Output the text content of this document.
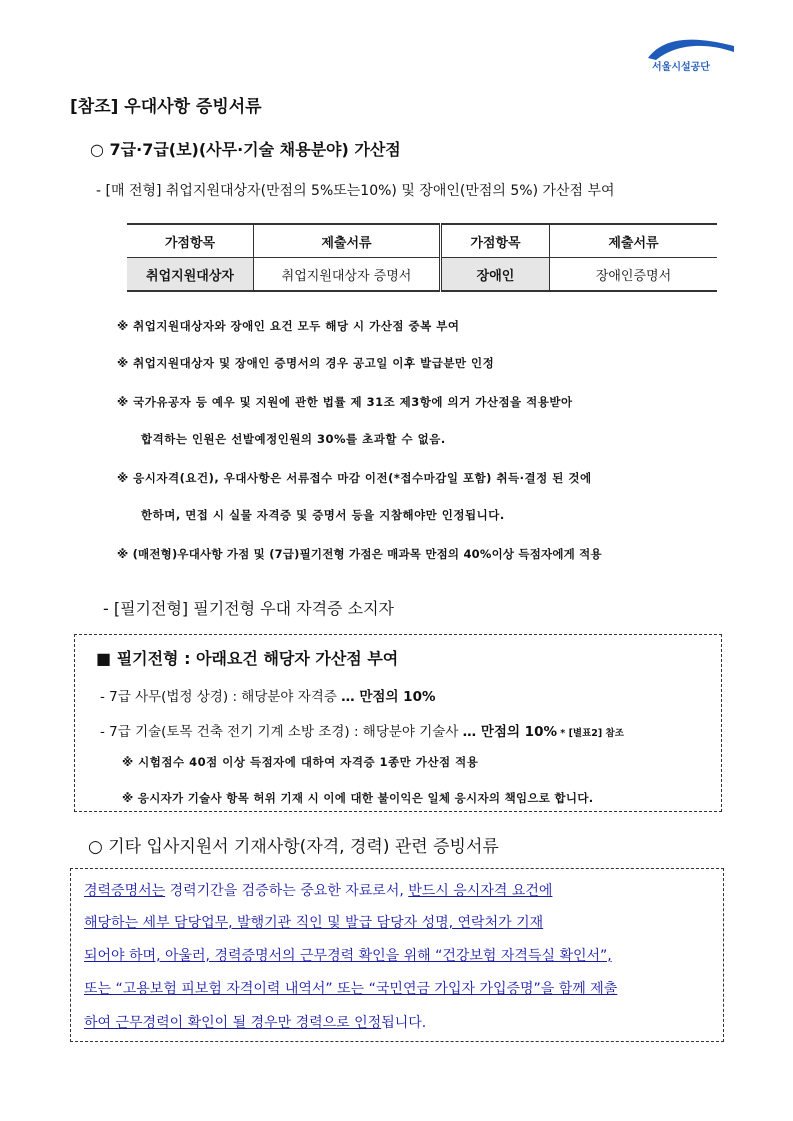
서울시설공단
[참조] 우대사항 증빙서류
○ 7급·7급(보)(사무·기술 채용분야) 가산점
- [매 전형] 취업지원대상자(만점의 5%또는10%) 및 장애인(만점의 5%) 가산점 부여
가점항목	제출서류	가점항목	제출서류
취업지원대상자	취업지원대상자 증명서	장애인	장애인증명서
※ 취업지원대상자와 장애인 요건 모두 해당 시 가산점 중복 부여
※ 취업지원대상자 및 장애인 증명서의 경우 공고일 이후 발급분만 인정
※ 국가유공자 등 예우 및 지원에 관한 법률 제 31조 제3항에 의거 가산점을 적용받아
합격하는 인원은 선발예정인원의 30%를 초과할 수 없음.
※ 응시자격(요건), 우대사항은 서류접수 마감 이전(*접수마감일 포함) 취득·결정 된 것에
한하며, 면접 시 실물 자격증 및 증명서 등을 지참해야만 인정됩니다.
※ (매전형)우대사항 가점 및 (7급)필기전형 가점은 매과목 만점의 40%이상 득점자에게 적용
- [필기전형] 필기전형 우대 자격증 소지자
■ 필기전형 : 아래요건 해당자 가산점 부여
- 7급 사무(법정 상경) : 해당분야 자격증 … 만점의 10%
- 7급 기술(토목 건축 전기 기계 소방 조경) : 해당분야 기술사 … 만점의 10% * [별표2] 참조
※ 시험점수 40점 이상 득점자에 대하여 자격증 1종만 가산점 적용
※ 응시자가 기술사 항목 허위 기재 시 이에 대한 불이익은 일체 응시자의 책임으로 합니다.
○ 기타 입사지원서 기재사항(자격, 경력) 관련 증빙서류
경력증명서는 경력기간을 검증하는 중요한 자료로서, 반드시 응시자격 요건에
해당하는 세부 담당업무, 발행기관 직인 및 발급 담당자 성명, 연락처가 기재
되어야 하며, 아울러, 경력증명서의 근무경력 확인을 위해 “건강보험 자격득실 확인서”,
또는 “고용보험 피보험 자격이력 내역서” 또는 “국민연금 가입자 가입증명”을 함께 제출
하여 근무경력이 확인이 될 경우만 경력으로 인정됩니다.
